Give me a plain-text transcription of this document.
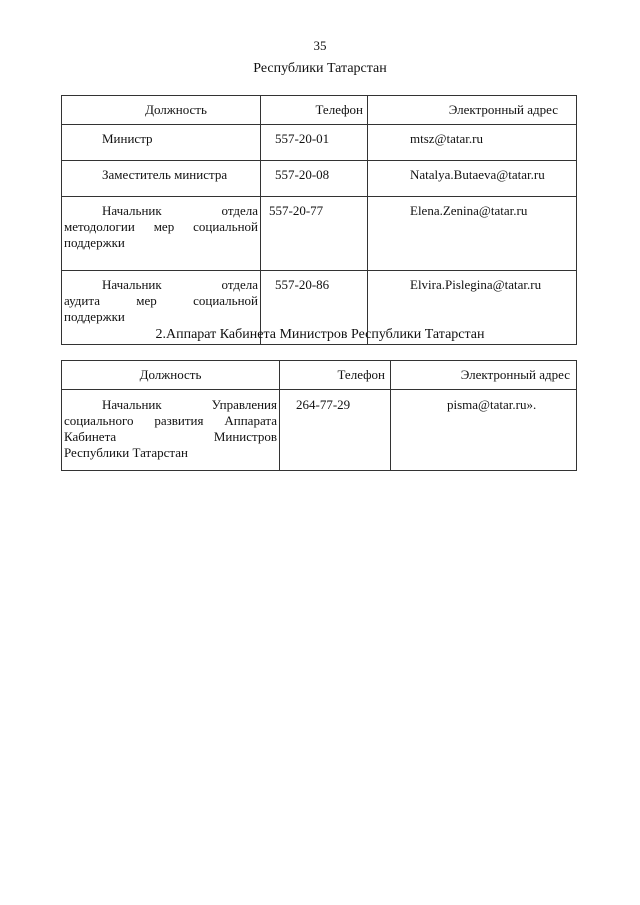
35
Республики Татарстан
Должность	Телефон	Электронный адрес

Министр	557-20-01	mtsz@tatar.ru

Заместитель министра	557-20-08	Natalya.Butaeva@tatar.ru

Начальник отдела
методологии мер социальной
поддержки	557-20-77	Elena.Zenina@tatar.ru

Начальник отдела
аудита мер социальной
поддержки	557-20-86	Elvira.Pislegina@tatar.ru
2.Аппарат Кабинета Министров Республики Татарстан
Должность	Телефон	Электронный адрес

Начальник Управления
социального развития Аппарата
Кабинета Министров
Республики Татарстан	264-77-29	pisma@tatar.ru».
